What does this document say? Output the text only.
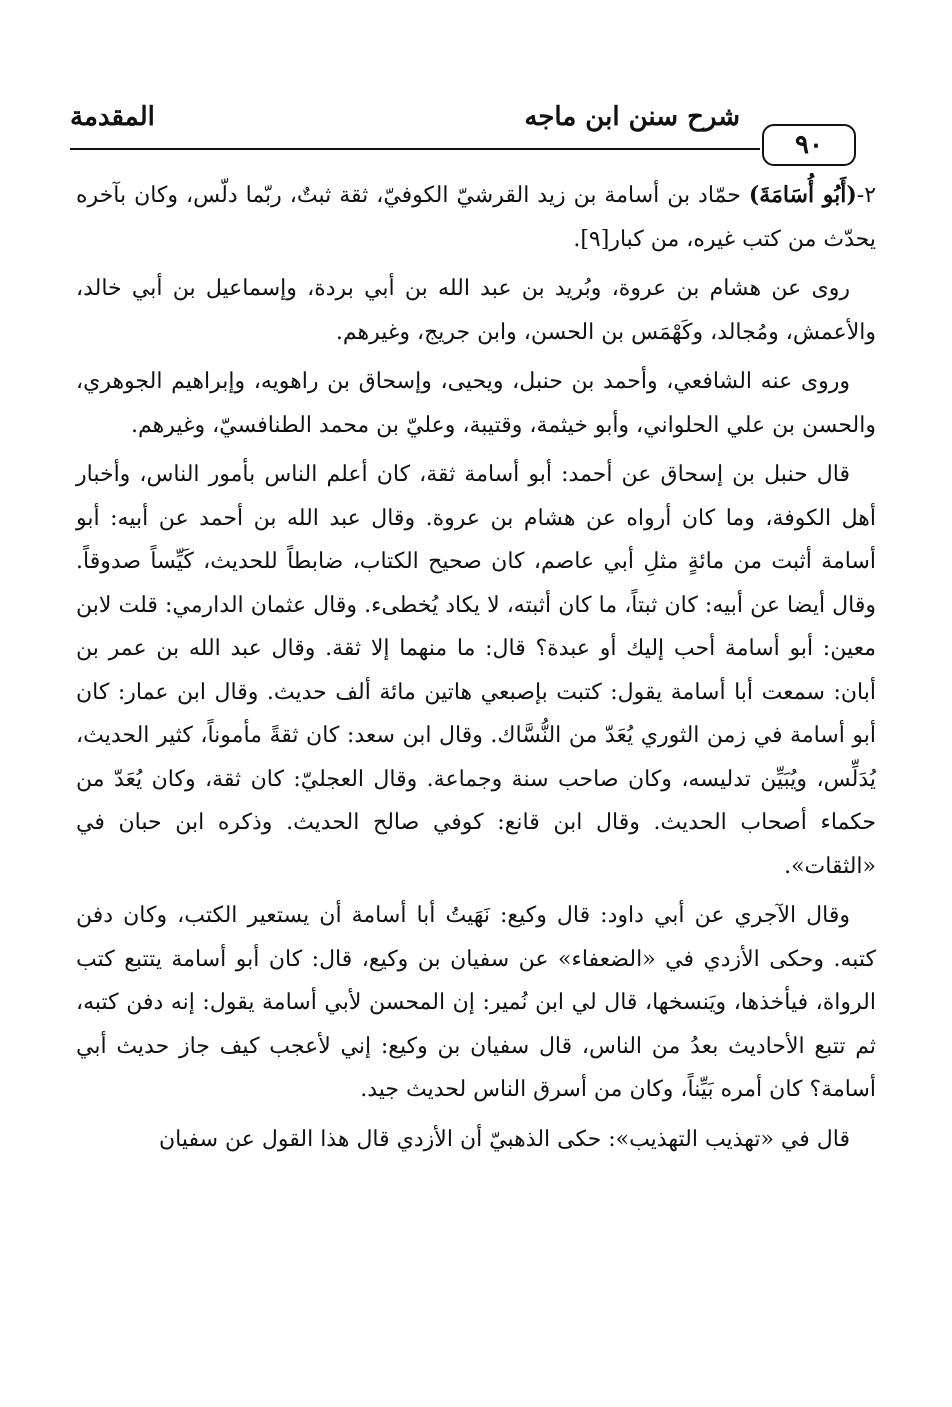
شرح سنن ابن ماجه
المقدمة
٩٠

٢-(أَبُو أُسَامَةَ) حمّاد بن أسامة بن زيد القرشيّ الكوفيّ، ثقة ثبتٌ، ربّما دلّس، وكان بآخره يحدّث من كتب غيره، من كبار[٩].

روى عن هشام بن عروة، وبُريد بن عبد الله بن أبي بردة، وإسماعيل بن أبي خالد، والأعمش، ومُجالد، وكَهْمَس بن الحسن، وابن جريج، وغيرهم.

وروى عنه الشافعي، وأحمد بن حنبل، ويحيى، وإسحاق بن راهويه، وإبراهيم الجوهري، والحسن بن علي الحلواني، وأبو خيثمة، وقتيبة، وعليّ بن محمد الطنافسيّ، وغيرهم.

قال حنبل بن إسحاق عن أحمد: أبو أسامة ثقة، كان أعلم الناس بأمور الناس، وأخبار أهل الكوفة، وما كان أرواه عن هشام بن عروة. وقال عبد الله بن أحمد عن أبيه: أبو أسامة أثبت من مائةٍ مثلِ أبي عاصم، كان صحيح الكتاب، ضابطاً للحديث، كَيِّساً صدوقاً. وقال أيضا عن أبيه: كان ثبتاً، ما كان أثبته، لا يكاد يُخطىء. وقال عثمان الدارمي: قلت لابن معين: أبو أسامة أحب إليك أو عبدة؟ قال: ما منهما إلا ثقة. وقال عبد الله بن عمر بن أبان: سمعت أبا أسامة يقول: كتبت بإصبعي هاتين مائة ألف حديث. وقال ابن عمار: كان أبو أسامة في زمن الثوري يُعَدّ من النُّسَّاك. وقال ابن سعد: كان ثقةً مأموناً، كثير الحديث، يُدَلِّس، ويُبَيِّن تدليسه، وكان صاحب سنة وجماعة. وقال العجليّ: كان ثقة، وكان يُعَدّ من حكماء أصحاب الحديث. وقال ابن قانع: كوفي صالح الحديث. وذكره ابن حبان في «الثقات».

وقال الآجري عن أبي داود: قال وكيع: نَهَيتُ أبا أسامة أن يستعير الكتب، وكان دفن كتبه. وحكى الأزدي في «الضعفاء» عن سفيان بن وكيع، قال: كان أبو أسامة يتتبع كتب الرواة، فيأخذها، ويَنسخها، قال لي ابن نُمير: إن المحسن لأبي أسامة يقول: إنه دفن كتبه، ثم تتبع الأحاديث بعدُ من الناس، قال سفيان بن وكيع: إني لأعجب كيف جاز حديث أبي أسامة؟ كان أمره بَيِّناً، وكان من أسرق الناس لحديث جيد.

قال في «تهذيب التهذيب»: حكى الذهبيّ أن الأزدي قال هذا القول عن سفيان
